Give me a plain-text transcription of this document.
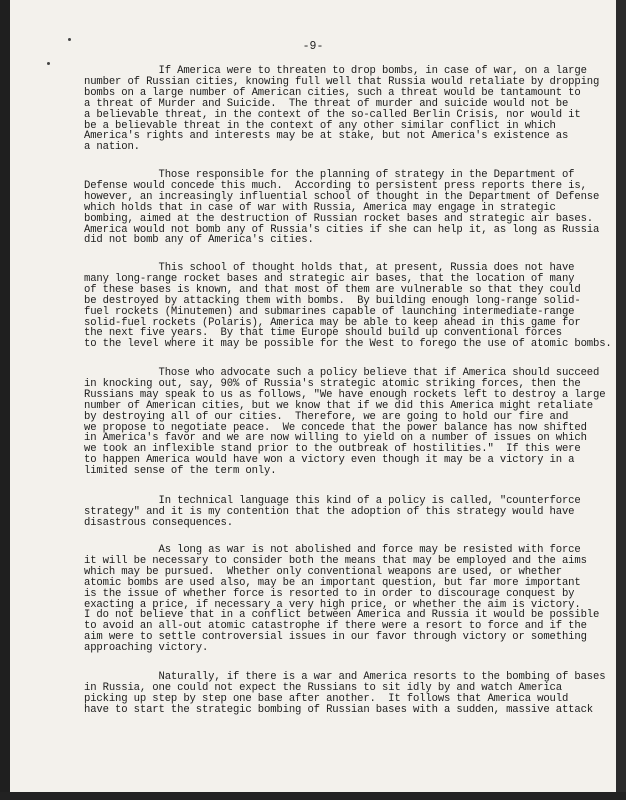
-9-
If America were to threaten to drop bombs, in case of war, on a large
number of Russian cities, knowing full well that Russia would retaliate by dropping
bombs on a large number of American cities, such a threat would be tantamount to
a threat of Murder and Suicide.  The threat of murder and suicide would not be
a believable threat, in the context of the so-called Berlin Crisis, nor would it
be a believable threat in the context of any other similar conflict in which
America's rights and interests may be at stake, but not America's existence as
a nation.
Those responsible for the planning of strategy in the Department of
Defense would concede this much.  According to persistent press reports there is,
however, an increasingly influential school of thought in the Department of Defense
which holds that in case of war with Russia, America may engage in strategic
bombing, aimed at the destruction of Russian rocket bases and strategic air bases.
America would not bomb any of Russia's cities if she can help it, as long as Russia
did not bomb any of America's cities.
This school of thought holds that, at present, Russia does not have
many long-range rocket bases and strategic air bases, that the location of many
of these bases is known, and that most of them are vulnerable so that they could
be destroyed by attacking them with bombs.  By building enough long-range solid-
fuel rockets (Minutemen) and submarines capable of launching intermediate-range
solid-fuel rockets (Polaris), America may be able to keep ahead in this game for
the next five years.  By that time Europe should build up conventional forces
to the level where it may be possible for the West to forego the use of atomic bombs.
Those who advocate such a policy believe that if America should succeed
in knocking out, say, 90% of Russia's strategic atomic striking forces, then the
Russians may speak to us as follows, "We have enough rockets left to destroy a large
number of American cities, but we know that if we did this America might retaliate
by destroying all of our cities.  Therefore, we are going to hold our fire and
we propose to negotiate peace.  We concede that the power balance has now shifted
in America's favor and we are now willing to yield on a number of issues on which
we took an inflexible stand prior to the outbreak of hostilities."  If this were
to happen America would have won a victory even though it may be a victory in a
limited sense of the term only.
In technical language this kind of a policy is called, "counterforce
strategy" and it is my contention that the adoption of this strategy would have
disastrous consequences.
As long as war is not abolished and force may be resisted with force
it will be necessary to consider both the means that may be employed and the aims
which may be pursued.  Whether only conventional weapons are used, or whether
atomic bombs are used also, may be an important question, but far more important
is the issue of whether force is resorted to in order to discourage conquest by
exacting a price, if necessary a very high price, or whether the aim is victory.
I do not believe that in a conflict between America and Russia it would be possible
to avoid an all-out atomic catastrophe if there were a resort to force and if the
aim were to settle controversial issues in our favor through victory or something
approaching victory.
Naturally, if there is a war and America resorts to the bombing of bases
in Russia, one could not expect the Russians to sit idly by and watch America
picking up step by step one base after another.  It follows that America would
have to start the strategic bombing of Russian bases with a sudden, massive attack
